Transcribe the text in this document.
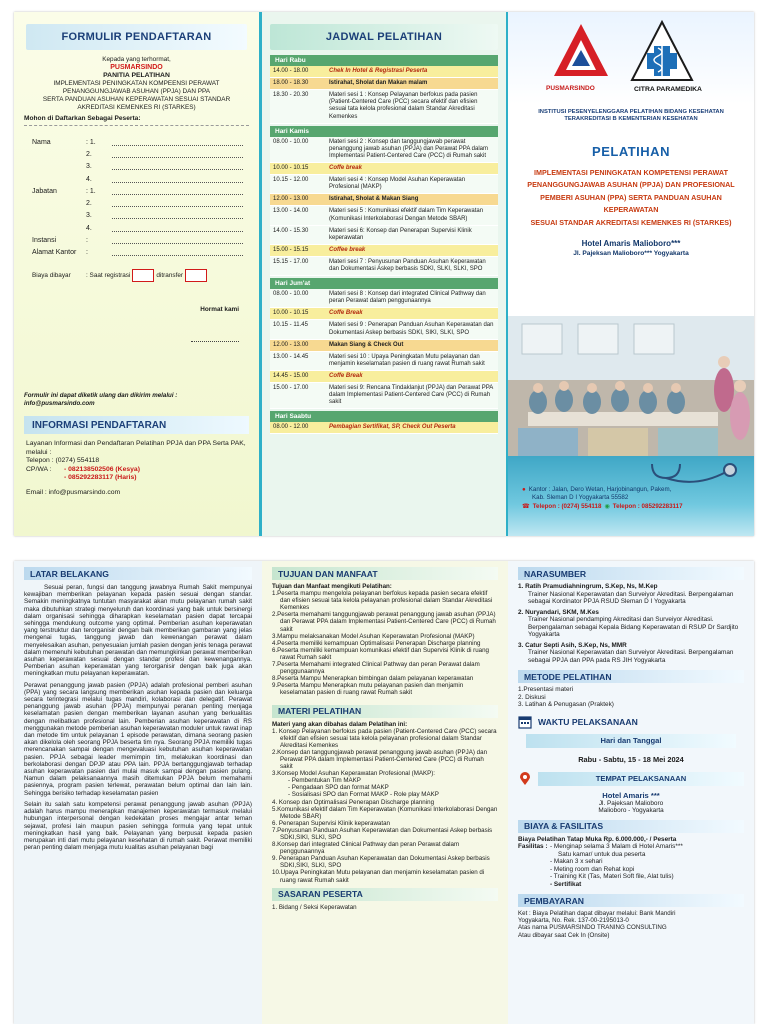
FORMULIR PENDAFTARAN
Kepada yang terhormat,
PUSMARSINDO
PANITIA PELATIHAN
IMPLEMENTASI PENINGKATAN KOMPEENSI PERAWAT
PENANGGUNGJAWAB ASUHAN (PPJA) DAN PPA
SERTA PANDUAN ASUHAN KEPERAWATAN SESUAI STANDAR
AKREDITASI KEMENKES RI (STARKES)
Mohon di Daftarkan Sebagai Peserta:
Nama	: 1.
2.
3.
4.
Jabatan	: 1.
2.
3.
4.
Instansi	:
Alamat Kantor	:
Biaya dibayar	: Saat registrasi	ditransfer
Hormat kami
Formulir ini dapat diketik ulang dan dikirim melalui : info@pusmarsindo.com
INFORMASI PENDAFTARAN
Layanan Informasi dan Pendaftaran Pelatihan PPJA dan PPA Serta PAK, melalui :
Telepon : (0274) 554118
CP/WA :	- 082138502506 (Kesya)
- 085292283117 (Haris)
Email : info@pusmarsindo.com
JADWAL PELATIHAN
Hari Rabu
14.00 - 18.00	Chek In Hotel & Registrasi Peserta
18.00 - 18.30	Istirahat, Sholat dan Makan malam
18.30 - 20.30	Materi sesi 1 : Konsep Pelayanan berfokus pada pasien (Patient-Centered Care (PCC) secara efektif dan efisien sesuai tata kelola profesional dalam Standar Akreditasi Kemenkes
Hari Kamis
08.00 - 10.00	Materi sesi 2 : Konsep dan tanggungjawab perawat penanggung jawab asuhan (PPJA) dan Perawat PPA dalam Implementasi Patient-Centered Care (PCC) di Rumah sakit
10.00 - 10.15	Coffe break
10.15 - 12.00	Materi sesi 4 : Konsep Model Asuhan Keperawatan Profesional (MAKP)
12.00 - 13.00	Istirahat, Sholat & Makan Siang
13.00 - 14.00	Materi sesi 5 : Komunikasi efektif dalam Tim Keperawatan (Komunikasi Interkolaborasi Dengan Metode SBAR)
14.00 - 15.30	Materi sesi 6: Konsep dan Penerapan Supervisi Klinik keperawatan
15.00 - 15.15	Coffee break
15.15 - 17.00	Materi sesi 7 : Penyusunan Panduan Asuhan Keperawatan dan Dokumentasi Askep berbasis SDKI, SLKI, SLKI, SPO
Hari Jum'at
08.00 - 10.00	Materi sesi 8 : Konsep dari integrated Clinical Pathway dan peran Perawat dalam penggunaannya
10.00 - 10.15	Coffe Break
10.15 - 11.45	Materi sesi 9 : Penerapan Panduan Asuhan Keperawatan dan Dokumentasi Askep berbasis SDKI, SIKI, SLKI, SPO
12.00 - 13.00	Makan Siang & Check Out
13.00 - 14.45	Materi sesi 10 : Upaya Peningkatan Mutu pelayanan dan menjamin keselamatan pasien di ruang rawat Rumah sakit
14.45 - 15.00	Coffe Break
15.00 - 17.00	Materi sesi 9: Rencana Tindaklanjut (PPJA) dan Perawat PPA dalam Implementasi Patient-Centered Care (PCC) di Rumah sakit
Hari Saabtu
08.00 - 12.00	Pembagian Sertifikat, SP, Check Out Peserta
PUSMARSINDO	CITRA PARAMEDIKA
INSTITUSI PESENYELENGGARA PELATIHAN BIDANG KESEHATAN
TERAKREDITASI B KEMENTERIAN KESEHATAN
PELATIHAN
IMPLEMENTASI PENINGKATAN KOMPETENSI PERAWAT
PENANGGUNGJAWAB ASUHAN (PPJA) DAN PROFESIONAL
PEMBERI ASUHAN (PPA) SERTA PANDUAN ASUHAN KEPERAWATAN
SESUAI STANDAR AKREDITASI KEMENKES RI (STARKES)
Hotel Amaris Malioboro***
Jl. Pajeksan Malioboro*** Yogyakarta
● Kantor : Jalan, Dero Wetan, Harjobinangun, Pakem,
Kab. Sleman D I Yogyakarta 55582
☎ Telepon : (0274) 554118 ◉ Telepon : 085292283117
LATAR BELAKANG

Sesuai peran, fungsi dan tanggung jawabnya Rumah Sakit mempunyai kewajiban memberikan pelayanan kepada pasien sesuai dengan standar. Semakin meningkatnya tuntutan masyarakat akan mutu pelayanan rumah sakit maka dibutuhkan strategi menyeluruh dan koordinasi yang baik untuk bersinergi dalam organisasi sehingga diharapkan keselamatan pasien dapat tercapai sehingga mendukung outcome yang optimal. Pemberian asuhan keperawatan yang terstruktur dan terorganisir dengan baik memberikan gambaran yang jelas mengenai tugas, tanggung jawab dan kewenangan perawat dalam menyelesaikan asuhan, penyesuaian jumlah pasien dengan jenis tenaga perawat dalam memenuhi kebutuhan perawatan dan memungkinkan perawat memberikan asuhan keperawatan sesuai dengan standar profesi dan kewenangannya. Pemberian asuhan keperawatan yang terorganisir dengan baik juga akan meningkatkan mutu pelayanan keperawatan.

Perawat penanggung jawab pasien (PPJA) adalah profesional pemberi asuhan (PPA) yang secara langsung memberikan asuhan kepada pasien dan keluarga secara terintegrasi melalui tugas mandiri, kolaborasi dan delegatif. Perawat penanggung jawab asuhan (PPJA) mempunyai peranan penting menjaga keselamatan pasien dengan memberikan layanan asuhan yang berkualitas dengan melibatkan profesional lain. Pemberian asuhan keperawatan di RS menggunakan metode pemberian asuhan keperawatan moduler untuk rawat inap dan metode tim untuk pelayanan 1 episode perawatan, dimana seorang pasien akan dikelola oleh seorang PPJA beserta tim nya. Seorang PPJA memiliki tugas merencanakan sampai dengan mengevaluasi kebutuhan asuhan keperawatan pasien. PPJA sebagai leader memimpin tim, melakukan koordinasi dan berkolaborasi dengan DPJP atau PPA lain. PPJA bertanggungjawab terhadap asuhan keperawatan pasien dari mulai masuk sampai dengan pasien pulang. Namun dalam pelaksanaannya masih ditemukan PPJA belum memahami pasiennya, program pasien terlewat, perawatan belum optimal dan lain lain. Sehingga berisiko terhadap keselamatan pasien

Selain itu salah satu kompetensi perawat penanggung jawab asuhan (PPJA) adalah harus mampu menerapkan manajemen keperawatan termasuk melalui hubungan interpersonal dengan kedekatan proses mengajar antar teman sejawat, profesi lain maupun pasien sehingga formula yang tepat untuk meningkatkan hasil yang baik. Pelayanan yang berpusat kepada pasien merupakan inti dari mutu pelayanan kesehatan di rumah sakit. Perawat memiliki peran penting dalam menjaga mutu kualitas asuhan pelayanan bagi

TUJUAN DAN MANFAAT
Tujuan dan Manfaat mengikuti Pelatihan:
1.Peserta mampu mengelola pelayanan berfokus kepada pasien secara efektif dan efisien sesuai tata kelola pelayanan profesional dalam Standar Akreditasi Kemenkes
2.Peserta memahami tanggungjawab perawat penanggung jawab asuhan (PPJA) dan Perawat PPA dalam Implementasi Patient-Centered Care (PCC) di Rumah sakit
3.Mampu melaksanakan Model Asuhan Keperawatan Profesional (MAKP)
4.Peserta memiliki kemampuan Optimalisasi Penerapan Discharge planning
6.Peserta memiliki kemampuan komunikasi efektif dan Supervisi Klinik di ruang rawat Rumah sakit
7.Peserta Memahami integrated Clinical Pathway dan peran Perawat dalam penggunaannya
8.Peserta Mampu Menerapkan bimbingan dalam pelayanan keperawatan
9.Peserta Mampu Menerapkan mutu pelayanan pasien dan menjamin keselamatan pasien di ruang rawat Rumah sakit
MATERI PELATIHAN
Materi yang akan dibahas dalam Pelatihan ini:
1. Konsep Pelayanan berfokus pada pasien (Patient-Centered Care (PCC) secara efektif dan efisien sesuai tata kelola pelayanan profesional dalam Standar Akreditasi Kemenkes
2.Konsep dan tanggungjawab perawat penanggung jawab asuhan (PPJA) dan Perawat PPA dalam Implementasi Patient-Centered Care (PCC) di Rumah sakit
3.Konsep Model Asuhan Keperawatan Profesional (MAKP):
- Pembentukan Tim MAKP
- Pengadaan SPO dan format MAKP
- Sosialisasi SPO dan Format MAKP - Role play MAKP
4. Konsep dan Optimalisasi Penerapan Discharge planning
5.Komunikasi efektif dalam Tim Keperawatan (Komunikasi Interkolaborasi Dengan Metode SBAR)
6. Penerapan Supervisi Klinik keperawatan
7.Penyusunan Panduan Asuhan Keperawatan dan Dokumentasi Askep berbasis SDKI,SIKI, SLKI, SPO
8.Konsep dari integrated Clinical Pathway dan peran Perawat dalam penggunaannya
9. Penerapan Panduan Asuhan Keperawatan dan Dokumentasi Askep berbasis SDKI,SIKI, SLKI, SPO
10.Upaya Peningkatan Mutu pelayanan dan menjamin keselamatan pasien di ruang rawat Rumah sakit
SASARAN PESERTA
1. Bidang / Seksi Keperawatan
NARASUMBER
1. Ratih Pramudiahningrum, S.Kep, Ns, M.Kep
Trainer Nasional Keperawatan dan Surveiyor Akreditasi. Berpengalaman sebagai Kordinator PPJA RSUD Sleman D I Yogyakarta
2. Nuryandari, SKM, M.Kes
Trainer Nasional pendamping Akreditasi dan Surveiyor Akreditasi. Berpengalaman sebagai Kepala Bidang Keperawatan di RSUP Dr Sardjito Yogyakarta
3. Catur Septi Asih, S.Kep, Ns, MMR
Trainer Nasional Keperawatan dan Surveiyor Akreditasi. Berpengalaman sebagai PPJA dan PPA pada RS JIH Yogyakarta
METODE PELATIHAN
1.Presentasi materi
2. Diskusi
3. Latihan & Penugasan (Praktek)
WAKTU PELAKSANAAN
Hari dan Tanggal
Rabu - Sabtu, 15 - 18 Mei 2024
TEMPAT PELAKSANAAN
Hotel Amaris ***
Jl. Pajeksan Malioboro
Malioboro - Yogyakarta
BIAYA & FASILITAS
Biaya Pelatihan Tatap Muka Rp. 6.000.000,- / Peserta
Fasilitas : - Menginap selama 3 Malam di Hotel Amaris***
Satu kamar/ untuk dua peserta
- Makan 3 x sehari
- Meting room dan Rehat kopi
- Training Kit (Tas, Materi Soft file, Alat tulis)
- Sertifikat
PEMBAYARAN
Ket : Biaya Pelatihan dapat dibayar melalui: Bank Mandiri
Yogyakarta, No. Rek. 137-00-2195013-0
Atas nama PUSMARSINDO TRANING CONSULTING
Atau dibayar saat Cek In (Onsite)
